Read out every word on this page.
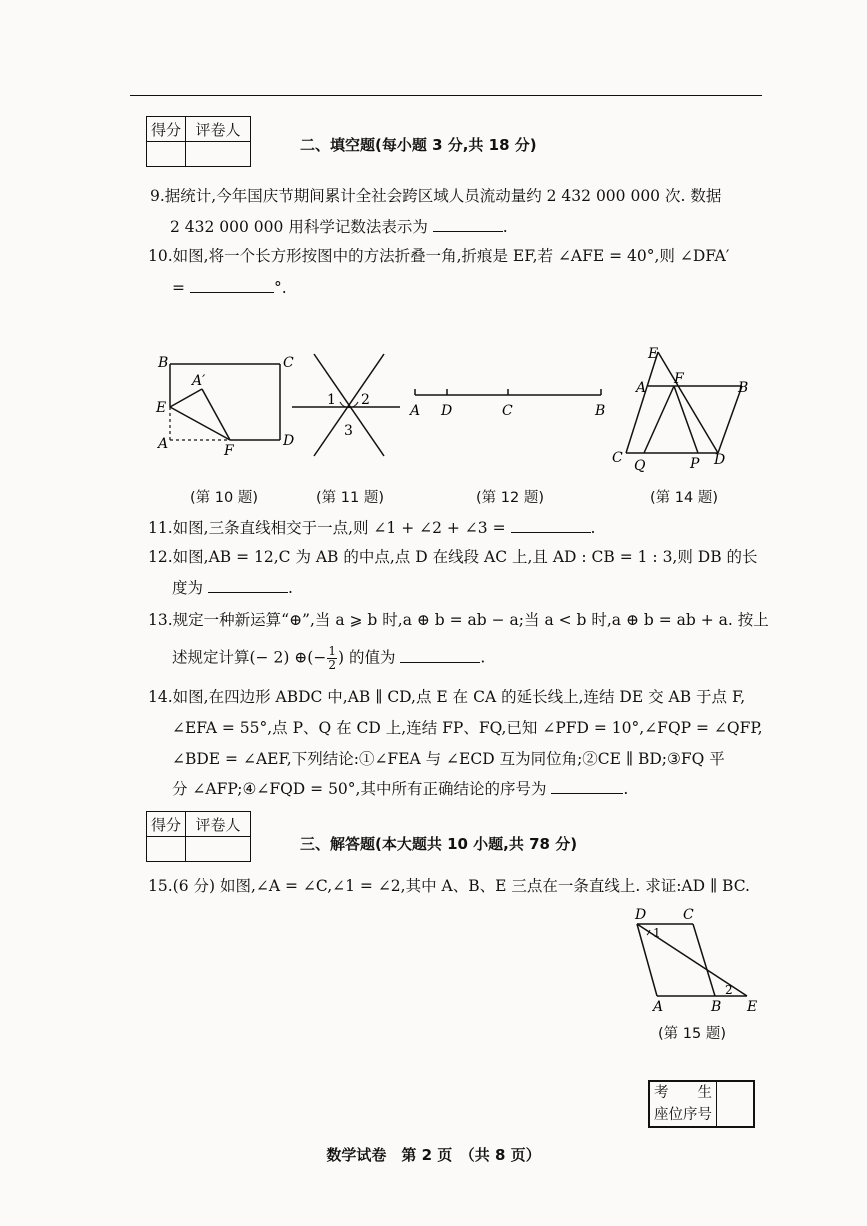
得分	评卷人

二、填空题(每小题 3 分,共 18 分)
9.据统计,今年国庆节期间累计全社会跨区域人员流动量约 2 432 000 000 次. 数据
2 432 000 000 用科学记数法表示为	.
10.如图,将一个长方形按图中的方法折叠一角,折痕是 EF,若 ∠AFE = 40°,则 ∠DFA′
=	°.
B	C
A′
E
A	F
D
1 2
3
A D	C	B
E
A
F
B
C Q	P D
(第 10 题)	(第 11 题)	(第 12 题)	(第 14 题)
11.如图,三条直线相交于一点,则 ∠1 + ∠2 + ∠3 =	.
12.如图,AB = 12,C 为 AB 的中点,点 D 在线段 AC 上,且 AD : CB = 1 : 3,则 DB 的长
度为	.
13.规定一种新运算“⊕”,当 a ⩾ b 时,a ⊕ b = ab − a;当 a < b 时,a ⊕ b = ab + a. 按上
述规定计算(− 2) ⊕(− $\frac{1}{2}$ ) 的值为	.
14.如图,在四边形 ABDC 中,AB ∥ CD,点 E 在 CA 的延长线上,连结 DE 交 AB 于点 F,
∠EFA = 55°,点 P、Q 在 CD 上,连结 FP、FQ,已知 ∠PFD = 10°,∠FQP = ∠QFP,
∠BDE = ∠AEF,下列结论:①∠FEA 与 ∠ECD 互为同位角;②CE ∥ BD;③FQ 平
分 ∠AFP;④∠FQD = 50°,其中所有正确结论的序号为	.
得分	评卷人

三、解答题(本大题共 10 小题,共 78 分)
15.(6 分) 如图,∠A = ∠C,∠1 = ∠2,其中 A、B、E 三点在一条直线上. 求证:AD ∥ BC.
D	C
1
A	B
2
E
(第 15 题)
考　　生
座位序号

数学试卷　第 2 页　（共 8 页）
